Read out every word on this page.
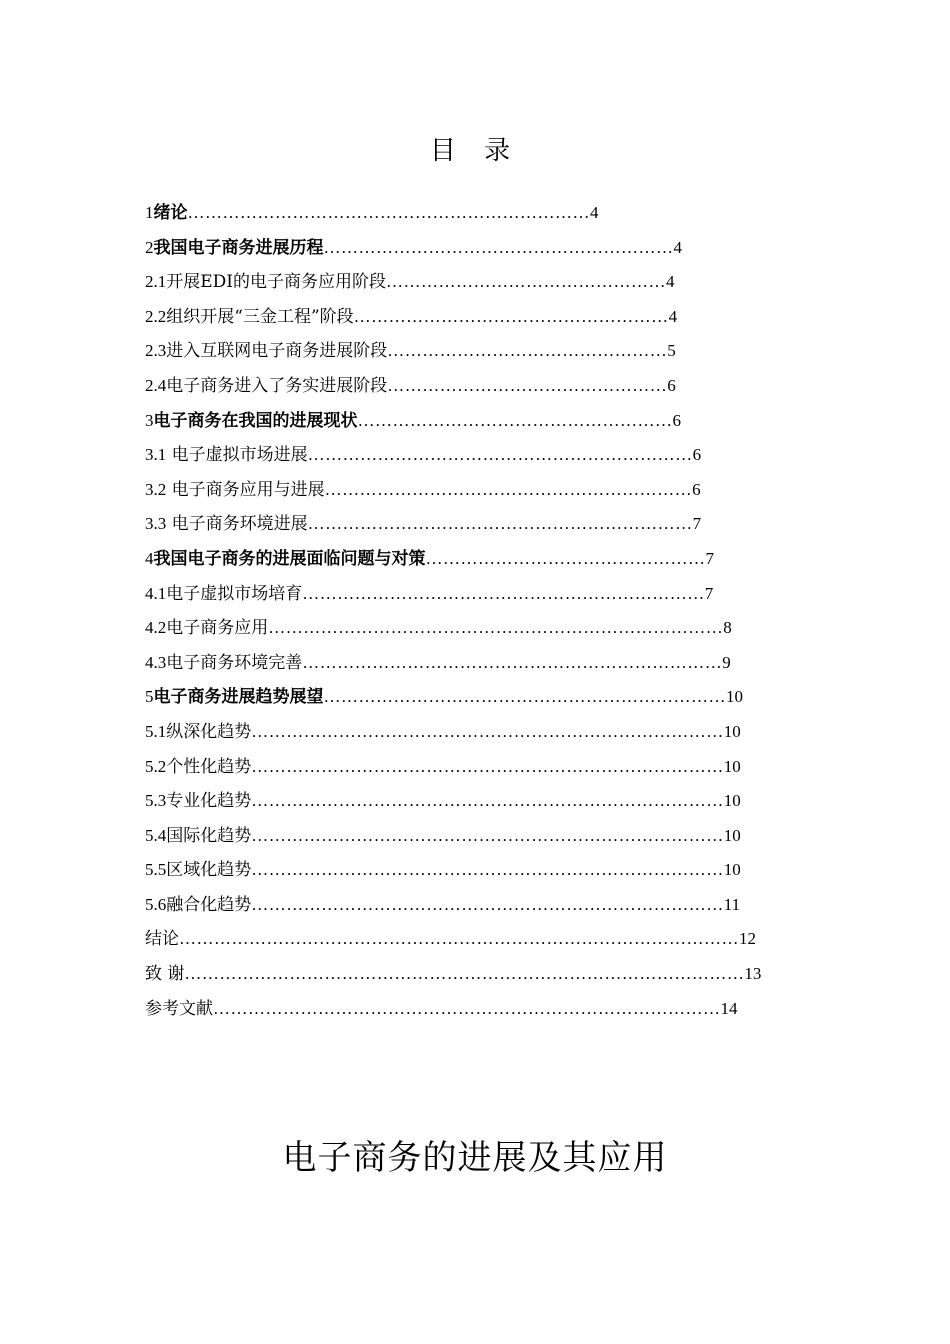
目 录
1绪论……………………………………………………………4
2我国电子商务进展历程……………………………………………………4
2.1开展EDI的电子商务应用阶段…………………………………………4
2.2组织开展“三金工程”阶段………………………………………………4
2.3进入互联网电子商务进展阶段…………………………………………5
2.4电子商务进入了务实进展阶段…………………………………………6
3电子商务在我国的进展现状………………………………………………6
3.1 电子虚拟市场进展…………………………………………………………6
3.2 电子商务应用与进展………………………………………………………6
3.3 电子商务环境进展…………………………………………………………7
4我国电子商务的进展面临问题与对策…………………………………………7
4.1电子虚拟市场培育……………………………………………………………7
4.2电子商务应用……………………………………………………………………8
4.3电子商务环境完善………………………………………………………………9
5电子商务进展趋势展望……………………………………………………………10
5.1纵深化趋势………………………………………………………………………10
5.2个性化趋势………………………………………………………………………10
5.3专业化趋势………………………………………………………………………10
5.4国际化趋势………………………………………………………………………10
5.5区域化趋势………………………………………………………………………10
5.6融合化趋势………………………………………………………………………11
结论……………………………………………………………………………………12
致 谢……………………………………………………………………………………13
参考文献……………………………………………………………………………14
电子商务的进展及其应用
